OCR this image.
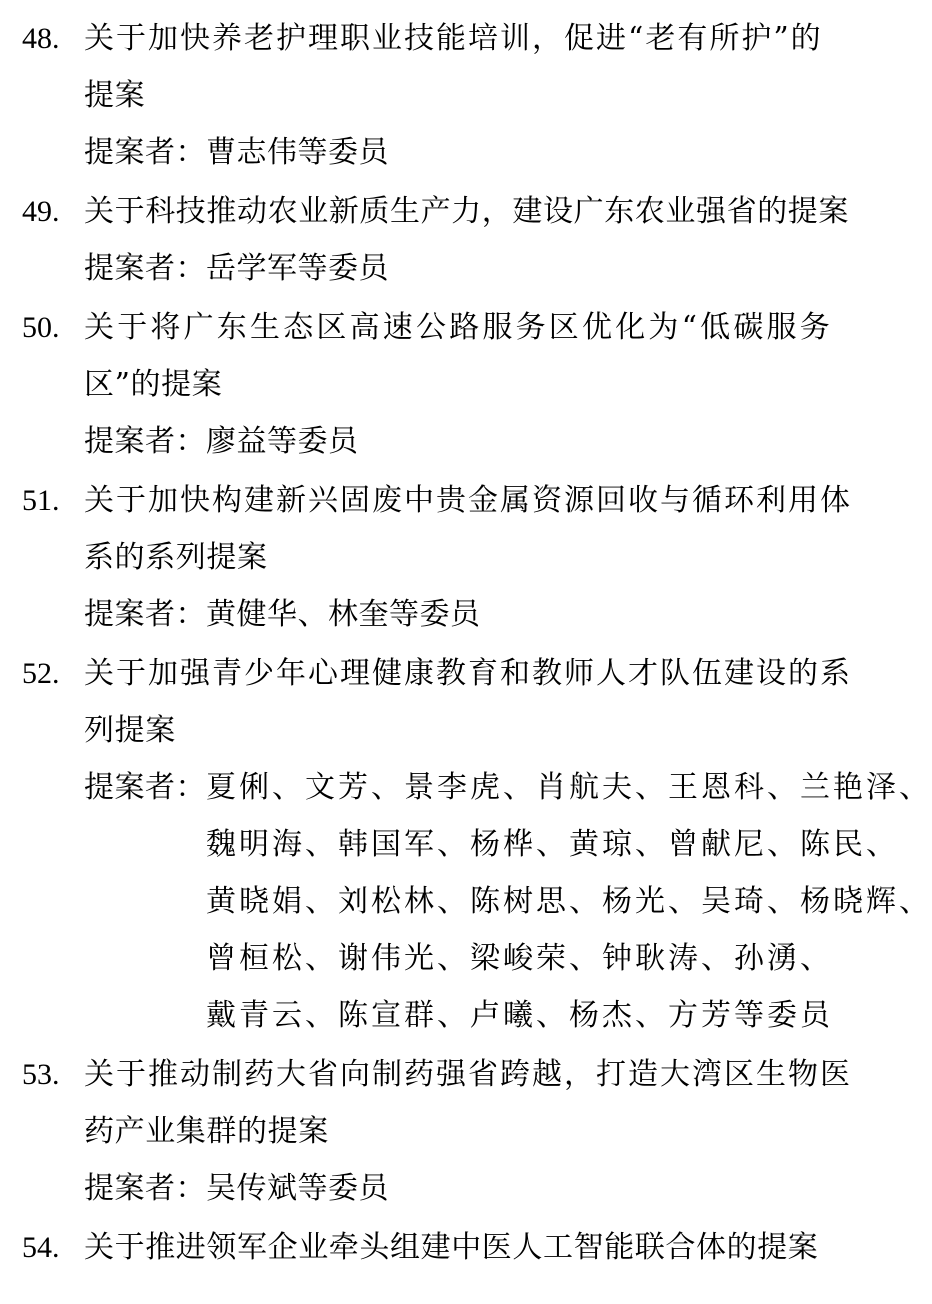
48. 关于加快养老护理职业技能培训，促进“老有所护”的
提案
提案者： 曹志伟等委员
49. 关于科技推动农业新质生产力，建设广东农业强省的提案
提案者： 岳学军等委员
50. 关于将广东生态区高速公路服务区优化为“低碳服务
区”的提案
提案者： 廖益等委员
51. 关于加快构建新兴固废中贵金属资源回收与循环利用体
系的系列提案
提案者： 黄健华、林奎等委员
52. 关于加强青少年心理健康教育和教师人才队伍建设的系
列提案
提案者： 夏俐、文芳、景李虎、肖航夫、王恩科、兰艳泽、
魏明海、韩国军、杨桦、黄琼、曾献尼、陈民、
黄晓娟、刘松林、陈树思、杨光、吴琦、杨晓辉、
曾桓松、谢伟光、梁峻荣、钟耿涛、孙湧、
戴青云、陈宣群、卢曦、杨杰、方芳等委员
53. 关于推动制药大省向制药强省跨越，打造大湾区生物医
药产业集群的提案
提案者： 吴传斌等委员
54. 关于推进领军企业牵头组建中医人工智能联合体的提案
